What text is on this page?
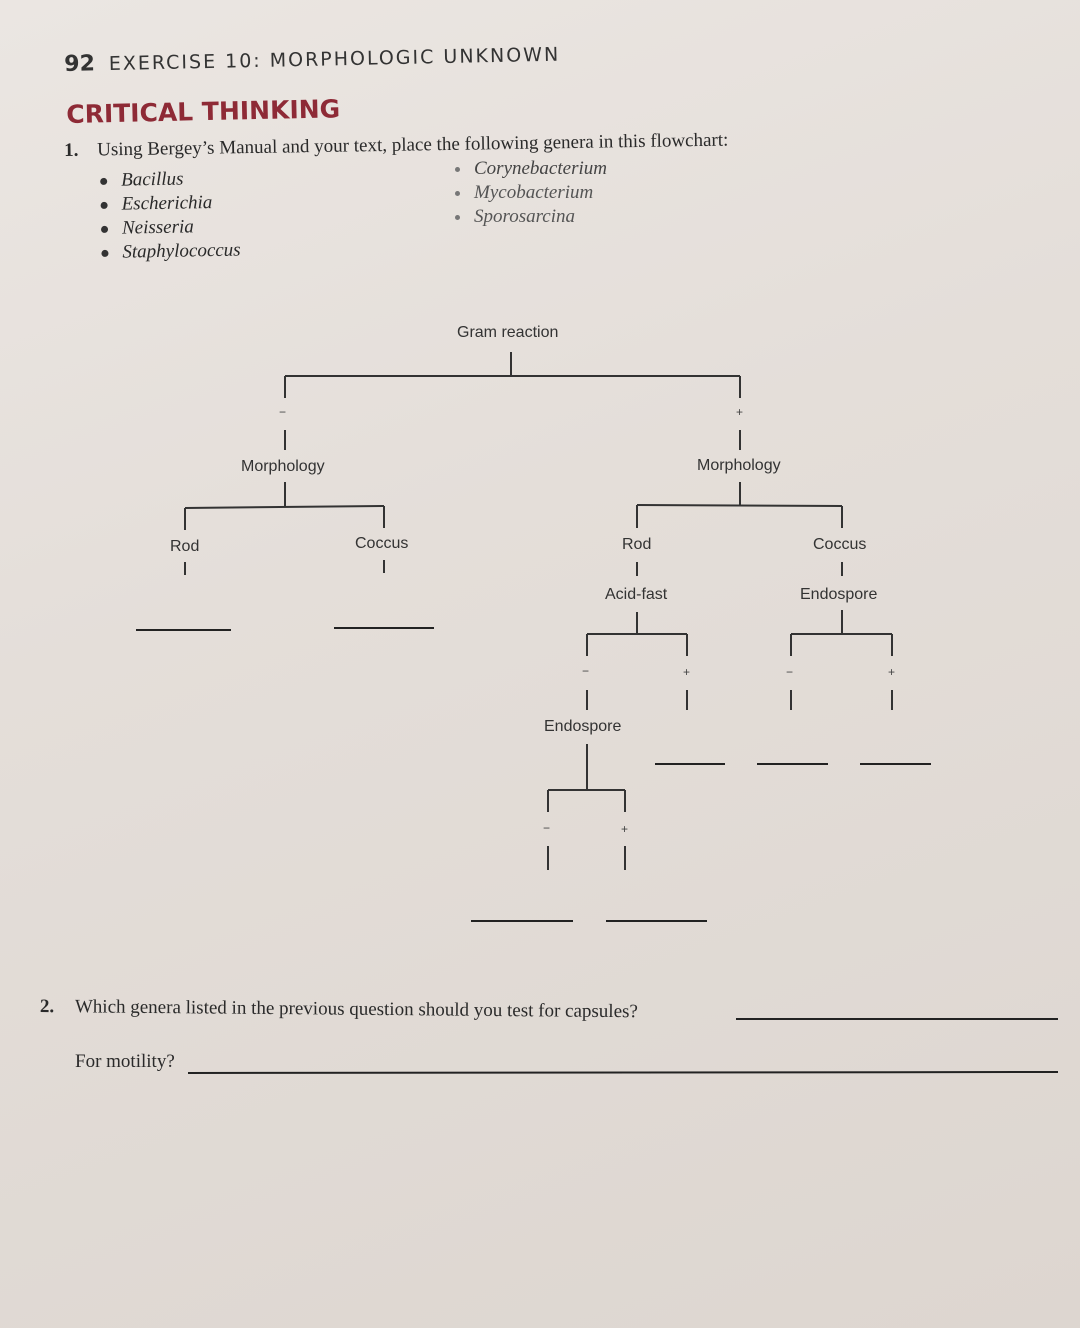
92 EXERCISE 10: MORPHOLOGIC UNKNOWN
CRITICAL THINKING
1. Using Bergey’s Manual and your text, place the following genera in this flowchart:
Bacillus
Escherichia
Neisseria
Staphylococcus
Corynebacterium
Mycobacterium
Sporosarcina
Gram reaction
−	+
Morphology	Morphology
Rod	Coccus	Rod	Coccus
Acid-fast	Endospore
−	+	−	+
Endospore
−	+
2. Which genera listed in the previous question should you test for capsules?
For motility?
